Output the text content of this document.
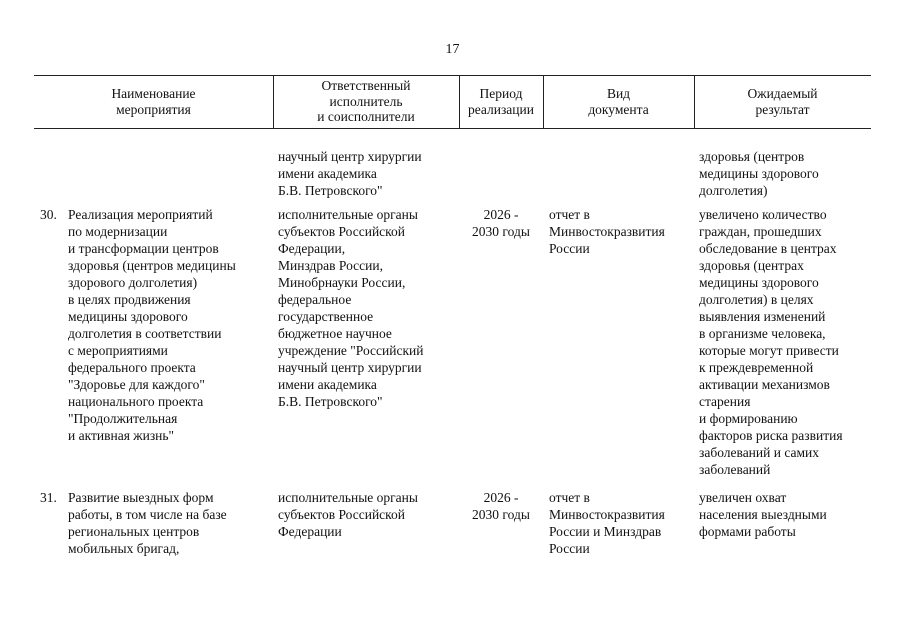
17
Наименование
мероприятия
Ответственный
исполнитель
и соисполнители
Период
реализации
Вид
документа
Ожидаемый
результат
научный центр хирургии
имени академика
Б.В. Петровского"
здоровья (центров
медицины здорового
долголетия)
30. Реализация мероприятий
по модернизации
и трансформации центров
здоровья (центров медицины
здорового долголетия)
в целях продвижения
медицины здорового
долголетия в соответствии
с мероприятиями
федерального проекта
"Здоровье для каждого"
национального проекта
"Продолжительная
и активная жизнь"
исполнительные органы
субъектов Российской
Федерации,
Минздрав России,
Минобрнауки России,
федеральное
государственное
бюджетное научное
учреждение "Российский
научный центр хирургии
имени академика
Б.В. Петровского"
2026 -
2030 годы
отчет в
Минвостокразвития
России
увеличено количество
граждан, прошедших
обследование в центрах
здоровья (центрах
медицины здорового
долголетия) в целях
выявления изменений
в организме человека,
которые могут привести
к преждевременной
активации механизмов
старения
и формированию
факторов риска развития
заболеваний и самих
заболеваний
31. Развитие выездных форм
работы, в том числе на базе
региональных центров
мобильных бригад,
исполнительные органы
субъектов Российской
Федерации
2026 -
2030 годы
отчет в
Минвостокразвития
России и Минздрав
России
увеличен охват
населения выездными
формами работы
